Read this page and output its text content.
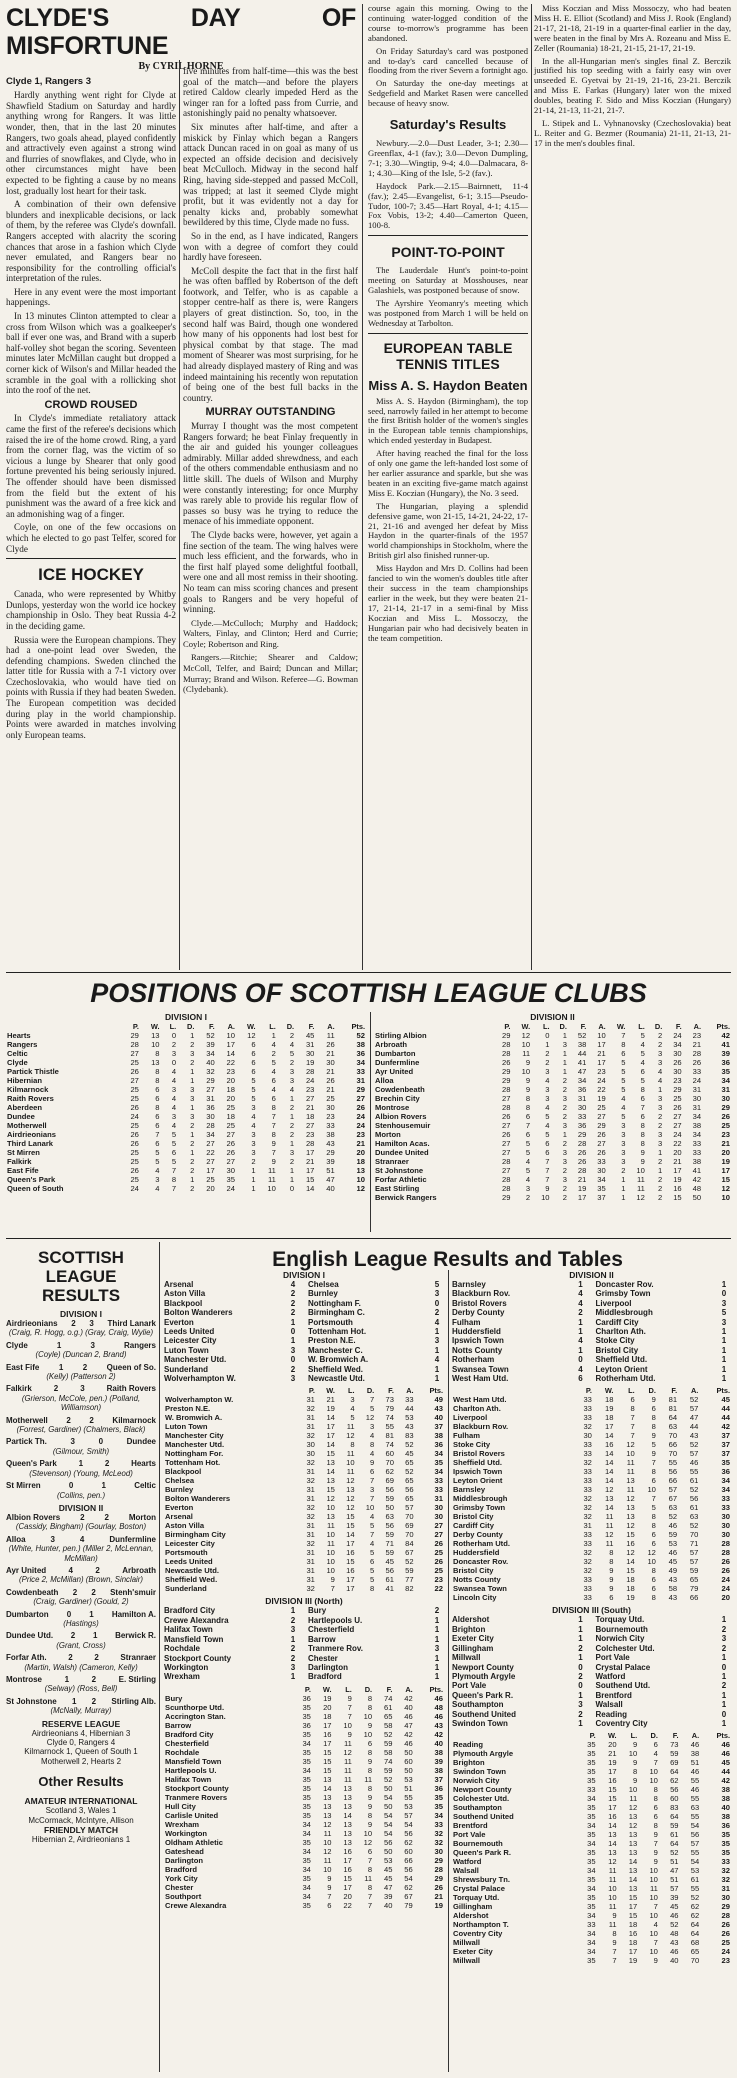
CLYDE'S DAY OF MISFORTUNE
By CYRIL HORNE
Clyde 1, Rangers 3

Hardly anything went right for Clyde at Shawfield Stadium on Saturday and hardly anything wrong for Rangers. It was little wonder, then, that in the last 20 minutes Rangers, two goals ahead, played confidently and attractively even against a strong wind and flurries of snowflakes, and Clyde, who in other circumstances might have been expected to be fighting a cause by no means lost, gradually lost heart for their task.

A combination of their own defensive blunders and inexplicable decisions, or lack of them, by the referee was Clyde's downfall. Rangers accepted with alacrity the scoring chances that arose in a fashion which Clyde never emulated, and Rangers bear no responsibility for the controlling official's interpretation of the rules.

Here in any event were the most important happenings.

In 13 minutes Clinton attempted to clear a cross from Wilson which was a goalkeeper's ball if ever one was, and Brand with a superb half-volley shot began the scoring. Seventeen minutes later McMillan caught but dropped a corner kick of Wilson's and Millar headed the scramble in the goal with a rollicking shot into the roof of the net.

CROWD ROUSED

In Clyde's immediate retaliatory attack came the first of the referee's decisions which raised the ire of the home crowd. Ring, a yard from the corner flag, was the victim of so vicious a lunge by Shearer that only good fortune prevented his being seriously injured. The offender should have been dismissed from the field but the extent of his punishment was the award of a free kick and an admonishing wag of a finger.

Coyle, on one of the few occasions on which he elected to go past Telfer, scored for Clyde

ICE HOCKEY

Canada, who were represented by Whitby Dunlops, yesterday won the world ice hockey championship in Oslo. They beat Russia 4-2 in the deciding game.

Russia were the European champions. They had a one-point lead over Sweden, the defending champions. Sweden clinched the latter title for Russia with a 7-1 victory over Czechoslovakia, who would have tied on points with Russia if they had beaten Sweden. The European competition was decided during play in the world championship. Points were awarded in matches involving only European teams.

five minutes from half-time—this was the best goal of the match—and before the players retired Caldow clearly impeded Herd as the winger ran for a lofted pass from Currie, and astonishingly paid no penalty whatsoever.

Six minutes after half-time, and after a miskick by Finlay which began a Rangers attack Duncan raced in on goal as many of us expected an offside decision and decisively beat McCulloch. Midway in the second half Ring, having side-stepped and passed McColl, was tripped; at last it seemed Clyde might profit, but it was evidently not a day for penalty kicks and, probably somewhat bewildered by this time, Clyde made no fuss.

So in the end, as I have indicated, Rangers won with a degree of comfort they could hardly have foreseen.

McColl despite the fact that in the first half he was often baffled by Robertson of the deft footwork, and Telfer, who is as capable a stopper centre-half as there is, were Rangers players of great distinction. So, too, in the second half was Baird, though one wondered how many of his opponents had lost best for physical combat by that stage. The mad moment of Shearer was most surprising, for he had already displayed mastery of Ring and was indeed maintaining his recently won reputation of being one of the best full backs in the country.

MURRAY OUTSTANDING

Murray I thought was the most competent Rangers forward; he beat Finlay frequently in the air and guided his younger colleagues admirably. Millar added shrewdness, and each of the others commendable enthusiasm and no little skill. The duels of Wilson and Murphy were constantly interesting; for once Murphy was rarely able to provide his regular flow of passes so busy was he trying to reduce the menace of his immediate opponent.

The Clyde backs were, however, yet again a fine section of the team. The wing halves were much less efficient, and the forwards, who in the first half played some delightful football, were one and all most remiss in their shooting. No team can miss scoring chances and present goals to Rangers and be very hopeful of winning.

Clyde.—McCulloch; Murphy and Haddock; Walters, Finlay, and Clinton; Herd and Currie; Coyle; Robertson and Ring.

Rangers.—Ritchie; Shearer and Caldow; McColl, Telfer, and Baird; Duncan and Millar; Murray; Brand and Wilson. Referee—G. Bowman (Clydebank).

course again this morning. Owing to the continuing water-logged condition of the course to-morrow's programme has been abandoned.

On Friday Saturday's card was postponed and to-day's card cancelled because of flooding from the river Severn a fortnight ago.

On Saturday the one-day meetings at Sedgefield and Market Rasen were cancelled because of heavy snow.

Saturday's Results

Newbury.—2.0—Dust Leader, 3-1; 2.30—Greenflax, 4-1 (fav.); 3.0—Devon Dumpling, 7-1; 3.30—Wingtip, 9-4; 4.0—Dalmacara, 8-1; 4.30—King of the Isle, 5-2 (fav.).

Haydock Park.—2.15—Bairnnett, 11-4 (fav.); 2.45—Evangelist, 6-1; 3.15—Pseudo-Tudor, 100-7; 3.45—Hart Royal, 4-1; 4.15—Fox Vobis, 13-2; 4.40—Camerton Queen, 100-8.

POINT-TO-POINT

The Lauderdale Hunt's point-to-point meeting on Saturday at Mosshouses, near Galashiels, was postponed because of snow.

The Ayrshire Yeomanry's meeting which was postponed from March 1 will be held on Wednesday at Tarbolton.

EUROPEAN TABLE TENNIS TITLES
Miss A. S. Haydon Beaten

Miss A. S. Haydon (Birmingham), the top seed, narrowly failed in her attempt to become the first British holder of the women's singles in the European table tennis championships, which ended yesterday in Budapest.

After having reached the final for the loss of only one game the left-handed lost some of her earlier assurance and sparkle, but she was beaten in an exciting five-game match against Miss E. Koczian (Hungary), the No. 3 seed.

The Hungarian, playing a splendid defensive game, won 21-15, 14-21, 24-22, 17-21, 21-16 and avenged her defeat by Miss Haydon in the quarter-finals of the 1957 world championships in Stockholm, where the British girl also finished runner-up.

Miss Haydon and Mrs D. Collins had been fancied to win the women's doubles title after their success in the team championships earlier in the week, but they were beaten 21-17, 21-14, 21-17 in a semi-final by Miss Koczian and Miss L. Mossoczy, the Hungarian pair who had decisively beaten in the team competition.

Miss Koczian and Miss Mossoczy, who had beaten Miss H. E. Elliot (Scotland) and Miss J. Rook (England) 21-17, 21-18, 21-19 in a quarter-final earlier in the day, were beaten in the final by Mrs A. Rozeanu and Miss E. Zeller (Roumania) 18-21, 21-15, 21-17, 21-19.

In the all-Hungarian men's singles final Z. Berczik justified his top seeding with a fairly easy win over unseeded E. Gyetvai by 21-19, 21-16, 23-21. Berczik and Miss E. Farkas (Hungary) later won the mixed doubles, beating F. Sido and Miss Koczian (Hungary) 21-14, 21-13, 11-21, 21-7.

L. Stipek and L. Vyhnanovsky (Czechoslovakia) beat L. Reiter and G. Bezmer (Roumania) 21-11, 21-13, 21-17 in the men's doubles final.

POSITIONS OF SCOTTISH LEAGUE CLUBS
DIVISION I
	P.	W.	L.	D.	F.	A.	W.	L.	D.	F.	A.	Pts.
Hearts	29	13	0	1	52	10	12	1	2	45	11	52
Rangers	28	10	2	2	39	17	6	4	4	31	26	38
Celtic	27	8	3	3	34	14	6	2	5	30	21	36
Clyde	25	13	0	2	40	22	6	5	2	19	30	34
Partick Thistle	26	8	4	1	32	23	6	4	3	28	21	33
Hibernian	27	8	4	1	29	20	5	6	3	24	26	31
Kilmarnock	25	6	3	3	27	18	5	4	4	23	21	29
Raith Rovers	25	6	4	3	31	20	5	6	1	27	25	27
Aberdeen	26	8	4	1	36	25	3	8	2	21	30	26
Dundee	24	6	3	3	30	18	4	7	1	18	23	24
Motherwell	25	6	4	2	28	25	4	7	2	27	33	24
Airdrieonians	26	7	5	1	34	27	3	8	2	23	38	23
Third Lanark	26	6	5	2	27	26	3	9	1	28	43	21
St Mirren	25	5	6	1	22	26	3	7	3	17	29	20
Falkirk	25	5	5	2	27	27	2	9	2	21	39	18
East Fife	26	4	7	2	17	30	1	11	1	17	51	13
Queen's Park	25	3	8	1	25	35	1	11	1	15	47	10
Queen of South	24	4	7	2	20	24	1	10	0	14	40	12
DIVISION II
	P.	W.	L.	D.	F.	A.	W.	L.	D.	F.	A.	Pts.
Stirling Albion	29	12	0	1	52	10	7	5	2	24	23	42
Arbroath	28	10	1	3	38	17	8	4	2	34	21	41
Dumbarton	28	11	2	1	44	21	6	5	3	30	28	39
Dunfermline	26	9	2	1	41	17	5	4	3	26	26	36
Ayr United	29	10	3	1	47	23	5	6	4	30	33	35
Alloa	29	9	4	2	34	24	5	5	4	23	24	34
Cowdenbeath	28	9	3	2	36	22	5	8	1	29	31	31
Brechin City	27	8	3	3	31	19	4	6	3	25	30	30
Montrose	28	8	4	2	30	25	4	7	3	26	31	29
Albion Rovers	26	6	5	2	33	27	5	6	2	27	34	26
Stenhousemuir	27	7	4	3	36	29	3	8	2	27	38	25
Morton	26	6	5	1	29	26	3	8	3	24	34	23
Hamilton Acas.	27	5	6	2	28	27	3	8	3	22	33	21
Dundee United	27	5	6	3	26	26	3	9	1	20	33	20
Stranraer	28	4	7	3	26	33	3	9	2	21	38	19
St Johnstone	27	5	7	2	28	30	2	10	1	17	41	17
Forfar Athletic	28	4	7	3	21	34	1	11	2	19	42	15
East Stirling	28	3	9	2	19	35	1	11	2	16	48	12
Berwick Rangers	29	2	10	2	17	37	1	12	2	15	50	10
SCOTTISH LEAGUE RESULTS
DIVISION I
Airdrieonians 2 3 Third Lanark
(Craig, R. Hogg, o.g.) (Gray, Craig, Wylie)
Clyde	1	3	Rangers
(Coyle) (Duncan 2, Brand)
East Fife 1 2 Queen of So.
(Kelly) (Patterson 2)
Falkirk	2	3	Raith Rovers
(Grierson, McCole, pen.) (Polland, Williamson)
Motherwell 2 2 Kilmarnock
(Forrest, Gardiner) (Chalmers, Black)
Partick Th.	3	0	Dundee
(Gilmour, Smith)
Queen's Park	1	2	Hearts
(Stevenson) (Young, McLeod)
St Mirren	0	1	Celtic
(Collins, pen.)
DIVISION II
Albion Rovers 2 2 Morton
(Cassidy, Bingham) (Gourlay, Boston)
Alloa	3	4	Dunfermline
(White, Hunter, pen.) (Miller 2, McLennan, McMillan)
Ayr United	4	2	Arbroath
(Price 2, McMillan) (Brown, Sinclair)
Cowdenbeath 2 2 Stenh'smuir
(Craig, Gardiner) (Gould, 2)
Dumbarton 0 1 Hamilton A.
(Hastings)
Dundee Utd. 2 1 Berwick R.
(Grant, Cross)
Forfar Ath.	2	2	Stranraer
(Martin, Walsh) (Cameron, Kelly)
Montrose	1	2	E. Stirling
(Selway) (Ross, Bell)
St Johnstone 1 2 Stirling Alb.
(McNally, Murray)
RESERVE LEAGUE
Airdrieonians 4, Hibernian 3
Clyde 0, Rangers 4
Kilmarnock 1, Queen of South 1
Motherwell 2, Hearts 2
Other Results
AMATEUR INTERNATIONAL
Scotland 3, Wales 1
McCormack, McIntyre, Allison
FRIENDLY MATCH
Hibernian 2, Airdrieonians 1
English League Results and Tables
DIVISION I
Arsenal	4	Chelsea	5
Aston Villa	2	Burnley	3
Blackpool	2	Nottingham F.	0
Bolton Wanderers	2	Birmingham C.	2
Everton	1	Portsmouth	4
Leeds United	0	Tottenham Hot.	1
Leicester City	1	Preston N.E.	3
Luton Town	3	Manchester C.	1
Manchester Utd.	0	W. Bromwich A.	4
Sunderland	2	Sheffield Wed.	1
Wolverhampton W.	3	Newcastle Utd.	1
	P.	W.	L.	D.	F.	A.	Pts.
Wolverhampton W.	31	21	3	7	73	33	49
Preston N.E.	32	19	4	5	79	44	43
W. Bromwich A.	31	14	5	12	74	53	40
Luton Town	31	17	11	3	55	43	37
Manchester City	32	17	12	4	81	83	38
Manchester Utd.	30	14	8	8	74	52	36
Nottingham For.	30	15	11	4	60	45	34
Tottenham Hot.	32	13	10	9	70	65	35
Blackpool	31	14	11	6	62	52	34
Chelsea	32	13	12	7	69	65	33
Burnley	31	15	13	3	56	56	33
Bolton Wanderers	31	12	12	7	59	65	31
Everton	32	10	12	10	50	57	30
Arsenal	32	13	15	4	63	70	30
Aston Villa	31	11	15	5	56	69	27
Birmingham City	31	10	14	7	59	70	27
Leicester City	32	11	17	4	71	84	26
Portsmouth	31	10	16	5	59	67	25
Leeds United	31	10	15	6	45	52	26
Newcastle Utd.	31	10	16	5	56	59	25
Sheffield Wed.	31	9	17	5	61	77	23
Sunderland	32	7	17	8	41	82	22
DIVISION III (North)
Bradford City	1	Bury	2
Crewe Alexandra	2	Hartlepools U.	1
Halifax Town	3	Chesterfield	1
Mansfield Town	1	Barrow	1
Rochdale	2	Tranmere Rov.	3
Stockport County	2	Chester	1
Workington	3	Darlington	1
Wrexham	1	Bradford	1
	P.	W.	L.	D.	F.	A.	Pts.
Bury	36	19	9	8	74	42	46
Scunthorpe Utd.	35	20	7	8	61	40	48
Accrington Stan.	35	18	7	10	65	46	46
Barrow	36	17	10	9	58	47	43
Bradford City	35	16	9	10	52	42	42
Chesterfield	34	17	11	6	59	46	40
Rochdale	35	15	12	8	58	50	38
Mansfield Town	35	15	11	9	74	60	39
Hartlepools U.	34	15	11	8	59	50	38
Halifax Town	35	13	11	11	52	53	37
Stockport County	35	14	13	8	50	51	36
Tranmere Rovers	35	13	13	9	54	55	35
Hull City	35	13	13	9	50	53	35
Carlisle United	35	13	14	8	54	57	34
Wrexham	34	12	13	9	54	54	33
Workington	34	11	13	10	54	56	32
Oldham Athletic	35	10	13	12	56	62	32
Gateshead	34	12	16	6	50	60	30
Darlington	35	11	17	7	53	66	29
Bradford	34	10	16	8	45	56	28
York City	35	9	15	11	45	54	29
Chester	34	9	17	8	47	62	26
Southport	34	7	20	7	39	67	21
Crewe Alexandra	35	6	22	7	40	79	19
DIVISION II
Barnsley	1	Doncaster Rov.	1
Blackburn Rov.	4	Grimsby Town	0
Bristol Rovers	4	Liverpool	3
Derby County	2	Middlesbrough	5
Fulham	1	Cardiff City	3
Huddersfield	1	Charlton Ath.	1
Ipswich Town	4	Stoke City	1
Notts County	1	Bristol City	1
Rotherham	0	Sheffield Utd.	1
Swansea Town	4	Leyton Orient	1
West Ham Utd.	6	Rotherham Utd.	1
	P.	W.	L.	D.	F.	A.	Pts.
West Ham Utd.	33	18	6	9	81	52	45
Charlton Ath.	33	19	8	6	81	57	44
Liverpool	33	18	7	8	64	47	44
Blackburn Rov.	32	17	7	8	63	44	42
Fulham	30	14	7	9	70	43	37
Stoke City	33	16	12	5	66	52	37
Bristol Rovers	33	14	10	9	70	57	37
Sheffield Utd.	32	14	11	7	55	46	35
Ipswich Town	33	14	11	8	56	55	36
Leyton Orient	33	14	13	6	66	61	34
Barnsley	33	12	11	10	57	52	34
Middlesbrough	32	13	12	7	67	56	33
Grimsby Town	32	14	13	5	63	61	33
Bristol City	32	11	13	8	52	63	30
Cardiff City	31	11	12	8	46	52	30
Derby County	33	12	15	6	59	70	30
Rotherham Utd.	33	11	16	6	53	71	28
Huddersfield	32	8	12	12	46	57	28
Doncaster Rov.	32	8	14	10	45	57	26
Bristol City	32	9	15	8	49	59	26
Notts County	33	9	18	6	43	65	24
Swansea Town	33	9	18	6	58	79	24
Lincoln City	33	6	19	8	43	66	20
DIVISION III (South)
Aldershot	1	Torquay Utd.	1
Brighton	1	Bournemouth	2
Exeter City	1	Norwich City	3
Gillingham	2	Colchester Utd.	2
Millwall	1	Port Vale	1
Newport County	0	Crystal Palace	0
Plymouth Argyle	2	Watford	1
Port Vale	0	Southend Utd.	2
Queen's Park R.	1	Brentford	1
Southampton	3	Walsall	1
Southend United	2	Reading	0
Swindon Town	1	Coventry City	1
	P.	W.	L.	D.	F.	A.	Pts.
Reading	35	20	9	6	73	46	46
Plymouth Argyle	35	21	10	4	59	38	46
Brighton	35	19	9	7	69	51	45
Swindon Town	35	17	8	10	64	46	44
Norwich City	35	16	9	10	62	55	42
Newport County	33	15	10	8	56	46	38
Colchester Utd.	34	15	11	8	60	55	38
Southampton	35	17	12	6	83	63	40
Southend United	35	16	13	6	64	55	38
Brentford	34	14	12	8	59	54	36
Port Vale	35	13	13	9	61	56	35
Bournemouth	34	14	13	7	64	57	35
Queen's Park R.	35	13	13	9	52	55	35
Watford	35	12	14	9	51	54	33
Walsall	34	11	13	10	47	53	32
Shrewsbury Tn.	35	11	14	10	51	61	32
Crystal Palace	34	10	13	11	57	55	31
Torquay Utd.	35	10	15	10	39	52	30
Gillingham	35	11	17	7	45	62	29
Aldershot	34	9	15	10	46	62	28
Northampton T.	33	11	18	4	52	64	26
Coventry City	34	8	16	10	48	64	26
Millwall	34	9	18	7	43	68	25
Exeter City	34	7	17	10	46	65	24
Millwall	35	7	19	9	40	70	23
